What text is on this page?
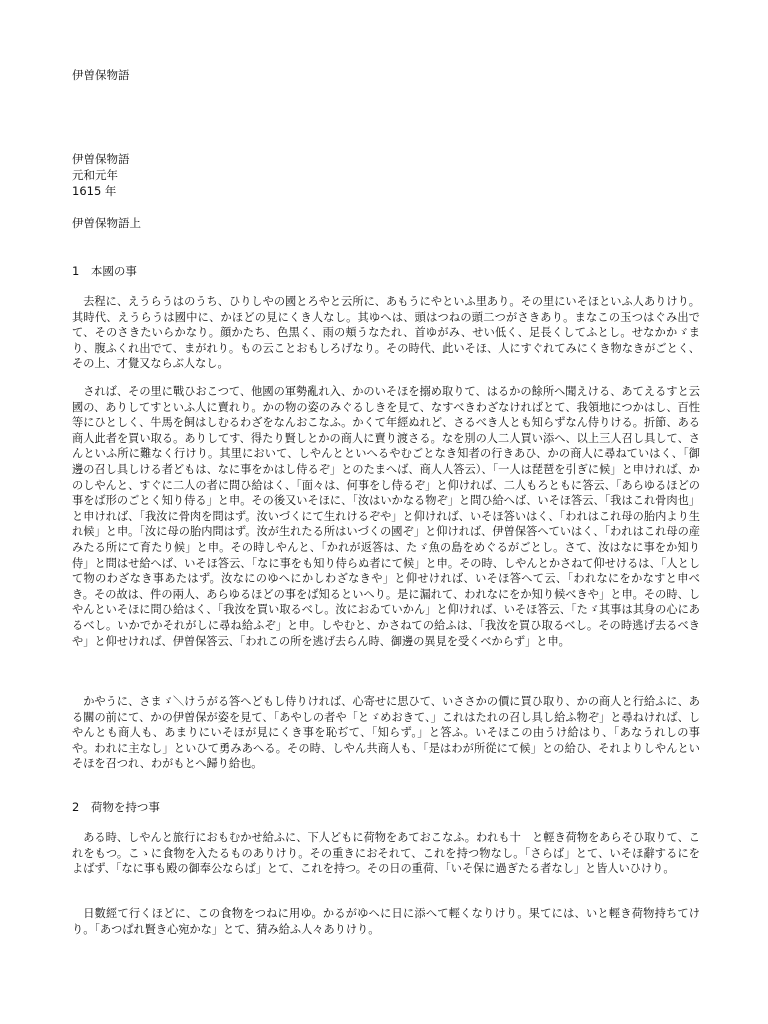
伊曽保物語
伊曽保物語
元和元年
1615 年
伊曽保物語上
1　本國の事

去程に、えうらうはのうち、ひりしやの國とろやと云所に、あもうにやといふ里あり。その里にいそほといふ人ありけり。其時代、えうらうは國中に、かほどの見にくき人なし。其ゆへは、頭はつねの頭二つがさきあり。まなこの玉つはぐみ出でて、そのさきたいらかなり。顔かたち、色黒く、雨の頬うなたれ、首ゆがみ、せい低く、足長くしてふとし。せなかかゞまり、腹ふくれ出でて、まがれり。もの云ことおもしろげなり。その時代、此いそほ、人にすぐれてみにくき物なきがごとく、その上、才覺又ならぶ人なし。

されば、その里に戰ひおこつて、他國の軍勢亂れ入、かのいそほを搦め取りて、はるかの餘所へ聞えける、あてえるすと云國の、ありしてすといふ人に賣れり。かの物の姿のみぐるしきを見て、なすべきわざなければとて、我領地につかはし、百性等にひとしく、牛馬を飼はしむるわざをなんおこなふ。かくて年經ぬれど、さるべき人とも知らずなん侍りける。折節、ある商人此者を買い取る。ありしてす、得たり賢しとかの商人に賣り渡さる。なを別の人二人買い添へ、以上三人召し具して、さんといふ所に難なく行けり。其里において、しやんとといへるやむごとなき知者の行きあひ、かの商人に尋ねていはく、「御邊の召し具しける者どもは、なに事をかはし侍るぞ」とのたまへば、商人人答云）、「一人は琵琶を引ぎに候」と申ければ、かのしやんと、すぐに二人の者に問ひ給はく、「面々は、何事をし侍るぞ」と仰ければ、二人もろともに答云、「あらゆるほどの事をば形のごとく知り侍る」と申。その後又いそほに、「汝はいかなる物ぞ」と問ひ給へば、いそほ答云、「我はこれ骨肉也」と申ければ、「我汝に骨肉を問はず。汝いづくにて生れけるぞや」と仰ければ、いそほ答いはく、「われはこれ母の胎内より生れ候」と申。「汝に母の胎内問はず。汝が生れたる所はいづくの國ぞ」と仰ければ、伊曽保答へていはく、「われはこれ母の産みたる所にて育たり候」と申。その時しやんと、「かれが返答は、たゞ魚の島をめぐるがごとし。さて、汝はなに事をか知り侍」と問はせ給へば、いそほ答云、「なに事をも知り侍らぬ者にて候」と申。その時、しやんとかさねて仰せけるは、「人として物のわざなき事あたはず。汝なにのゆへにかしわざなきや」と仰せければ、いそほ答へて云、「われなにをかなすと申べき。その故は、件の兩人、あらゆるほどの事をば知るといへり。是に漏れて、われなにをか知り候べきや」と申。その時、しやんといそほに問ひ給はく、「我汝を買い取るべし。汝におゐていかん」と仰ければ、いそほ答云、「たゞ其事は其身の心にあるべし。いかでかそれがしに尋ね給ふぞ」と申。しやむと、かさねての給ふは、「我汝を買ひ取るべし。その時逃げ去るべきや」と仰せければ、伊曽保答云、「われこの所を逃げ去らん時、御邊の異見を受くべからず」と申。

かやうに、さまゞ＼けうがる答へどもし侍りければ、心寄せに思ひて、いささかの價に買ひ取り、かの商人と行給ふに、ある關の前にて、かの伊曽保が姿を見て、「あやしの者や「とゞめおきて、」これはたれの召し具し給ふ物ぞ」と尋ねければ、しやんとも商人も、あまりにいそほが見にくき事を恥ぢて、「知らず。」と答ふ。いそほこの由うけ給はり、「あなうれしの事や。われに主なし」といひて勇みあへる。その時、しやん共商人も、「是はわが所從にて候」との給ひ、それよりしやんといそほを召つれ、わがもとへ歸り給也。

2　荷物を持つ事

ある時、しやんと旅行におもむかせ給ふに、下人どもに荷物をあておこなふ。われも十　と輕き荷物をあらそひ取りて、これをもつ。こゝに食物を入たるものありけり。その重きにおそれて、これを持つ物なし。「さらば」とて、いそほ辭するにをよばず、「なに事も殿の御奉公ならば」とて、これを持つ。その日の重荷、「いそ保に過ぎたる者なし」と皆人いひけり。

日數經て行くほどに、この食物をつねに用ゆ。かるがゆへに日に添へて輕くなりけり。果てには、いと輕き荷物持ちてけり。「あつぱれ賢き心宛かな」とて、猜み給ふ人々ありけり。
